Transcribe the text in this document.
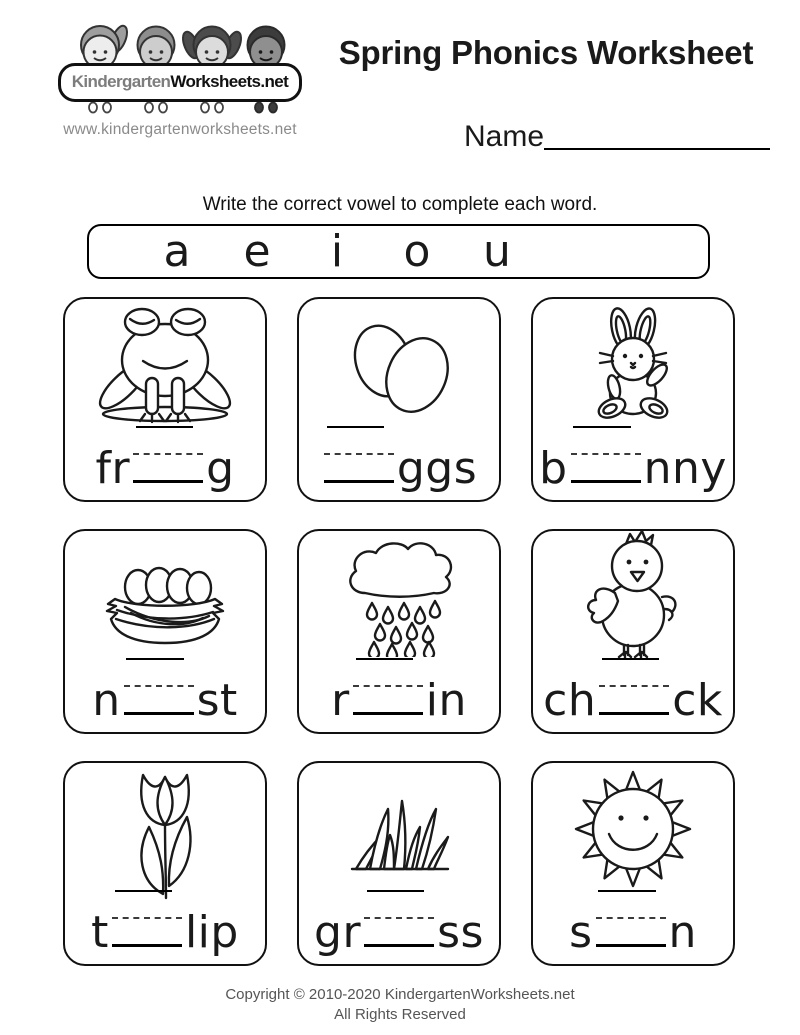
KindergartenWorksheets.net
www.kindergartenworksheets.net
Spring Phonics Worksheet
Name
Write the correct vowel to complete each word.
a	e	i	o	u
fr g	ggs b nny
n st r in ch ck
t lip gr ss s n
Copyright © 2010-2020 KindergartenWorksheets.net
All Rights Reserved
